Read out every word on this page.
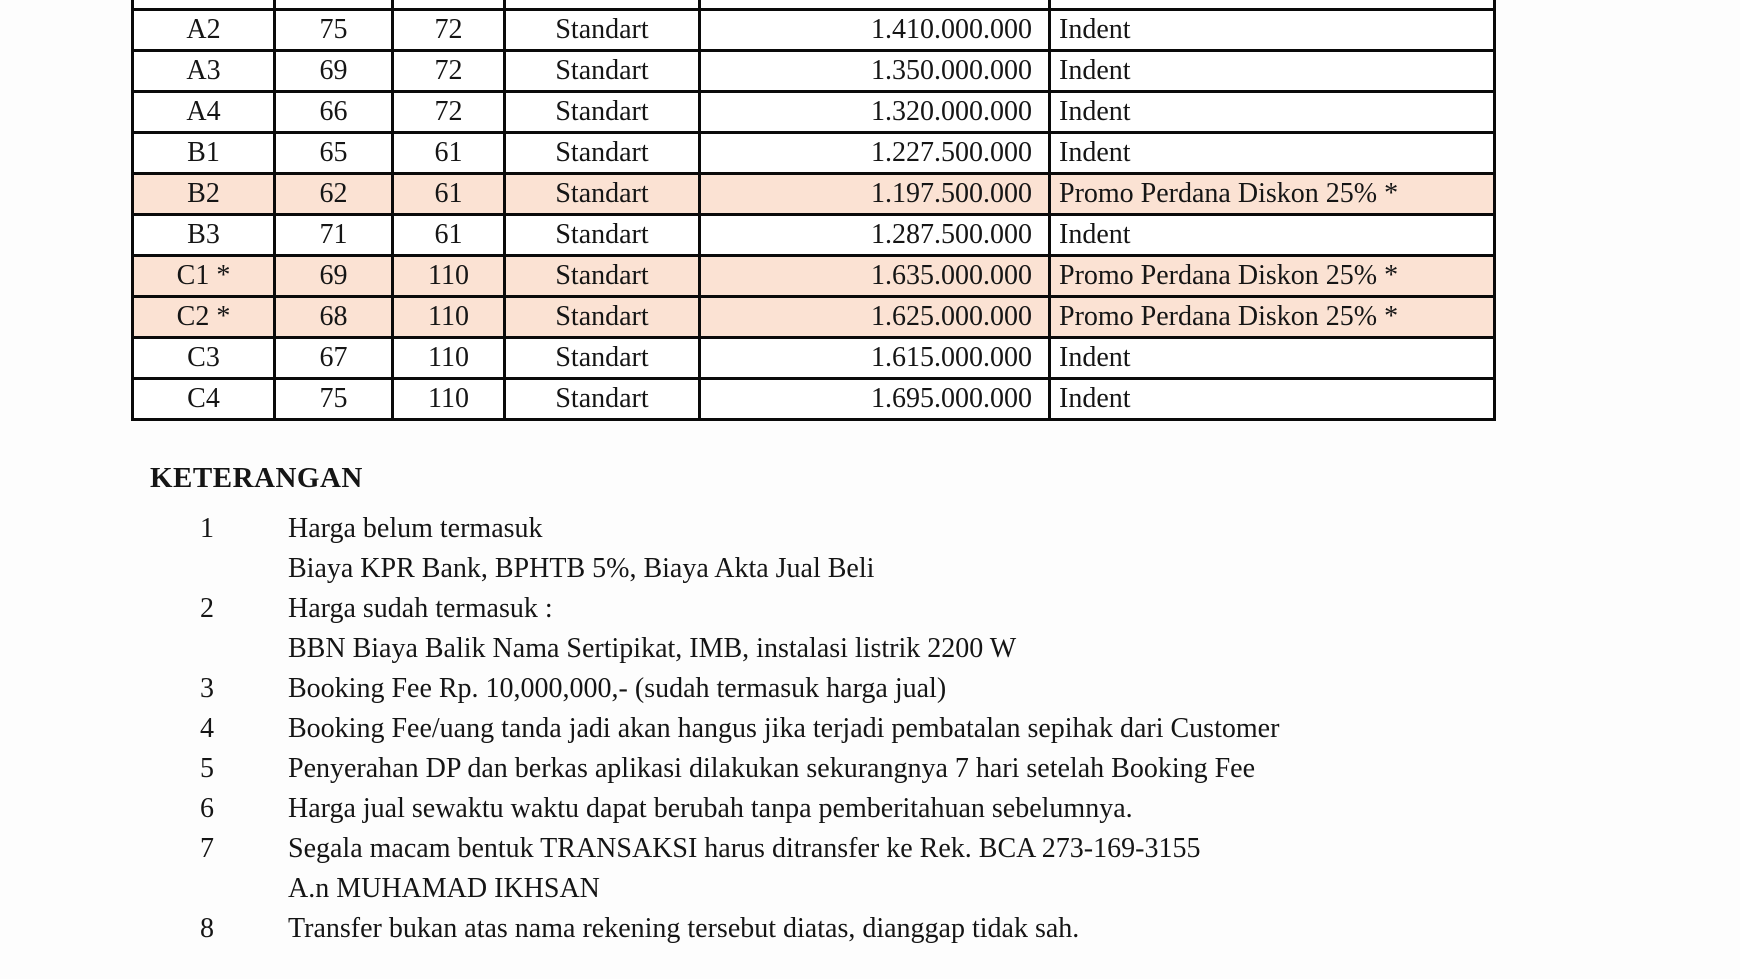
A2	75	72	Standart	1.410.000.000	Indent
A3	69	72	Standart	1.350.000.000	Indent
A4	66	72	Standart	1.320.000.000	Indent
B1	65	61	Standart	1.227.500.000	Indent
B2	62	61	Standart	1.197.500.000	Promo Perdana Diskon 25% *
B3	71	61	Standart	1.287.500.000	Indent
C1 *	69	110	Standart	1.635.000.000	Promo Perdana Diskon 25% *
C2 *	68	110	Standart	1.625.000.000	Promo Perdana Diskon 25% *
C3	67	110	Standart	1.615.000.000	Indent
C4	75	110	Standart	1.695.000.000	Indent
KETERANGAN
1	Harga belum termasuk
Biaya KPR Bank, BPHTB 5%, Biaya Akta Jual Beli
2	Harga sudah termasuk :
BBN Biaya Balik Nama Sertipikat, IMB, instalasi listrik 2200 W
3	Booking Fee Rp. 10,000,000,- (sudah termasuk harga jual)
4	Booking Fee/uang tanda jadi akan hangus jika terjadi pembatalan sepihak dari Customer
5	Penyerahan DP dan berkas aplikasi dilakukan sekurangnya 7 hari setelah Booking Fee
6	Harga jual sewaktu waktu dapat berubah tanpa pemberitahuan sebelumnya.
7	Segala macam bentuk TRANSAKSI harus ditransfer ke Rek. BCA 273-169-3155
A.n MUHAMAD IKHSAN
8	Transfer bukan atas nama rekening tersebut diatas, dianggap tidak sah.
